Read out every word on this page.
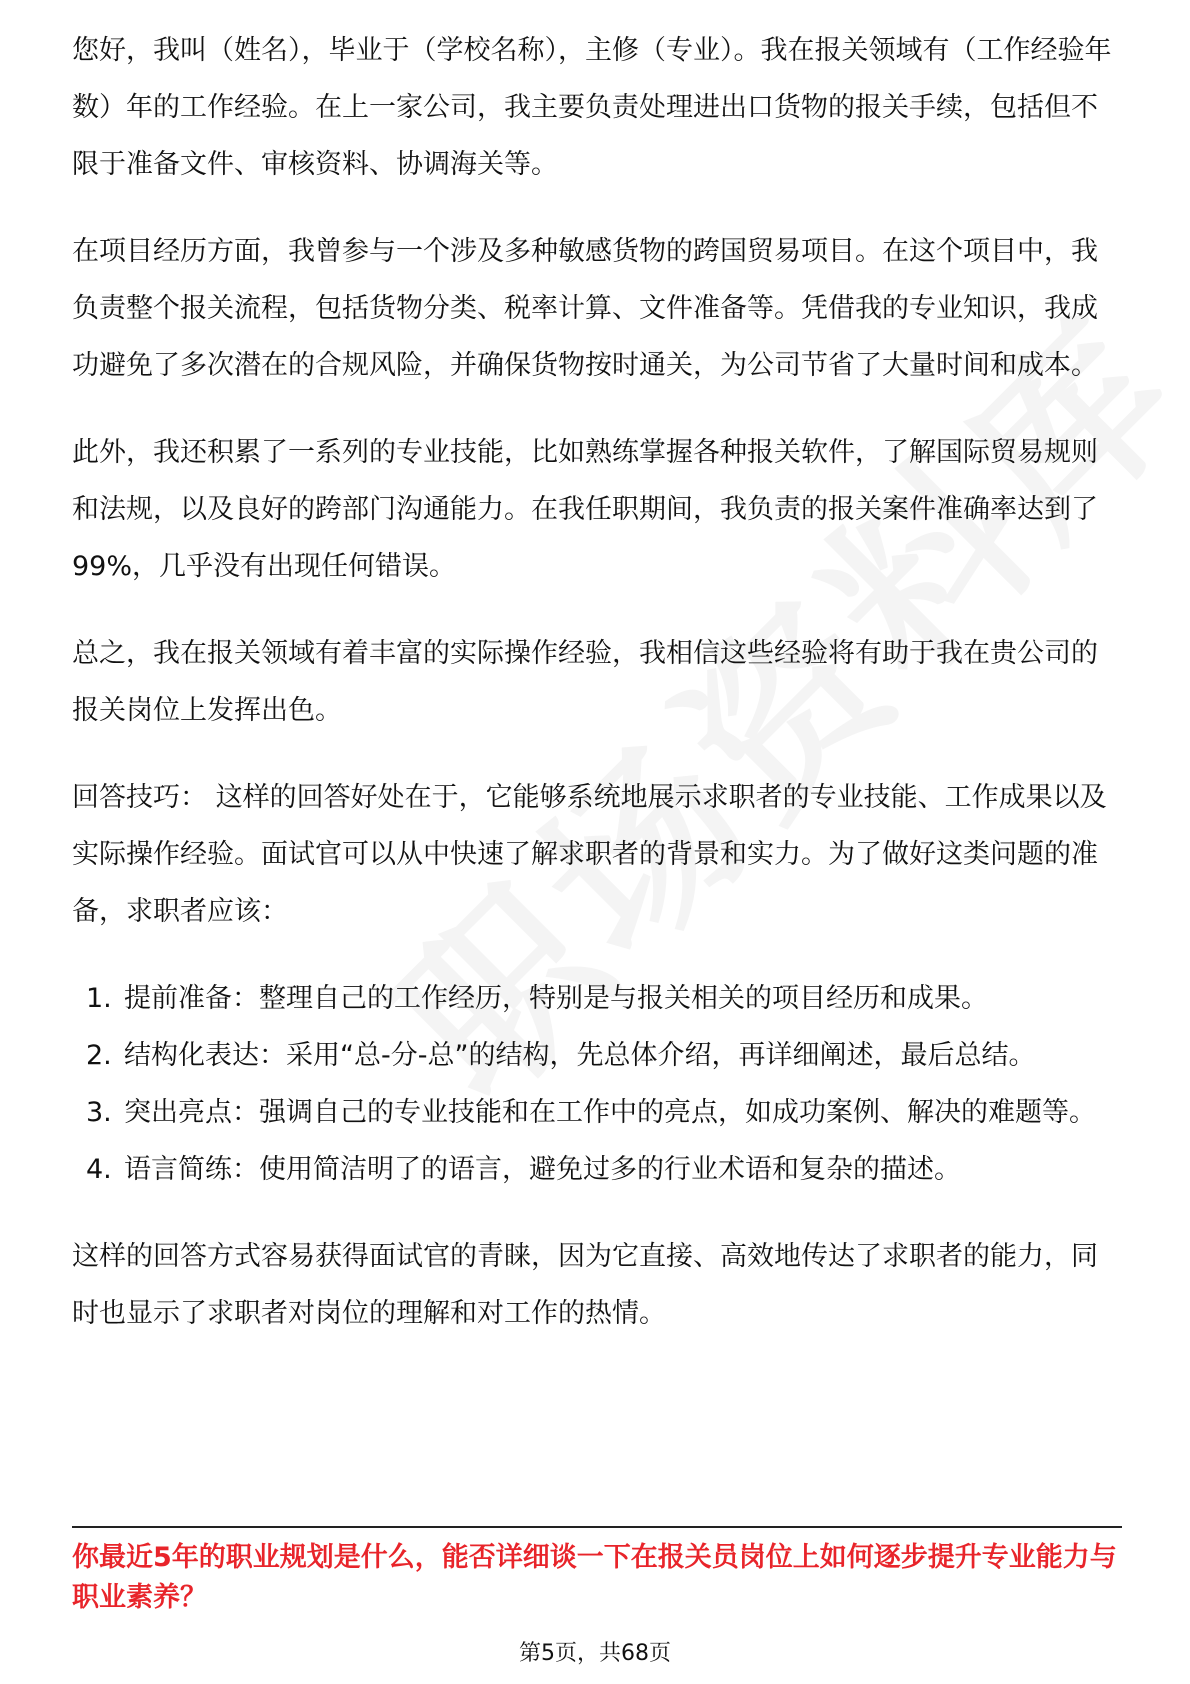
您好，我叫（姓名），毕业于（学校名称），主修（专业）。我在报关领域有（工作经验年数）年的工作经验。在上一家公司，我主要负责处理进出口货物的报关手续，包括但不限于准备文件、审核资料、协调海关等。

在项目经历方面，我曾参与一个涉及多种敏感货物的跨国贸易项目。在这个项目中，我负责整个报关流程，包括货物分类、税率计算、文件准备等。凭借我的专业知识，我成功避免了多次潜在的合规风险，并确保货物按时通关，为公司节省了大量时间和成本。

此外，我还积累了一系列的专业技能，比如熟练掌握各种报关软件，了解国际贸易规则和法规，以及良好的跨部门沟通能力。在我任职期间，我负责的报关案件准确率达到了99%，几乎没有出现任何错误。

总之，我在报关领域有着丰富的实际操作经验，我相信这些经验将有助于我在贵公司的报关岗位上发挥出色。

回答技巧： 这样的回答好处在于，它能够系统地展示求职者的专业技能、工作成果以及实际操作经验。面试官可以从中快速了解求职者的背景和实力。为了做好这类问题的准备，求职者应该：

1. 提前准备：整理自己的工作经历，特别是与报关相关的项目经历和成果。
2. 结构化表达：采用“总-分-总”的结构，先总体介绍，再详细阐述，最后总结。
3. 突出亮点：强调自己的专业技能和在工作中的亮点，如成功案例、解决的难题等。
4. 语言简练：使用简洁明了的语言，避免过多的行业术语和复杂的描述。

这样的回答方式容易获得面试官的青睐，因为它直接、高效地传达了求职者的能力，同时也显示了求职者对岗位的理解和对工作的热情。

你最近5年的职业规划是什么，能否详细谈一下在报关员岗位上如何逐步提升专业能力与职业素养？
第5页，共68页
